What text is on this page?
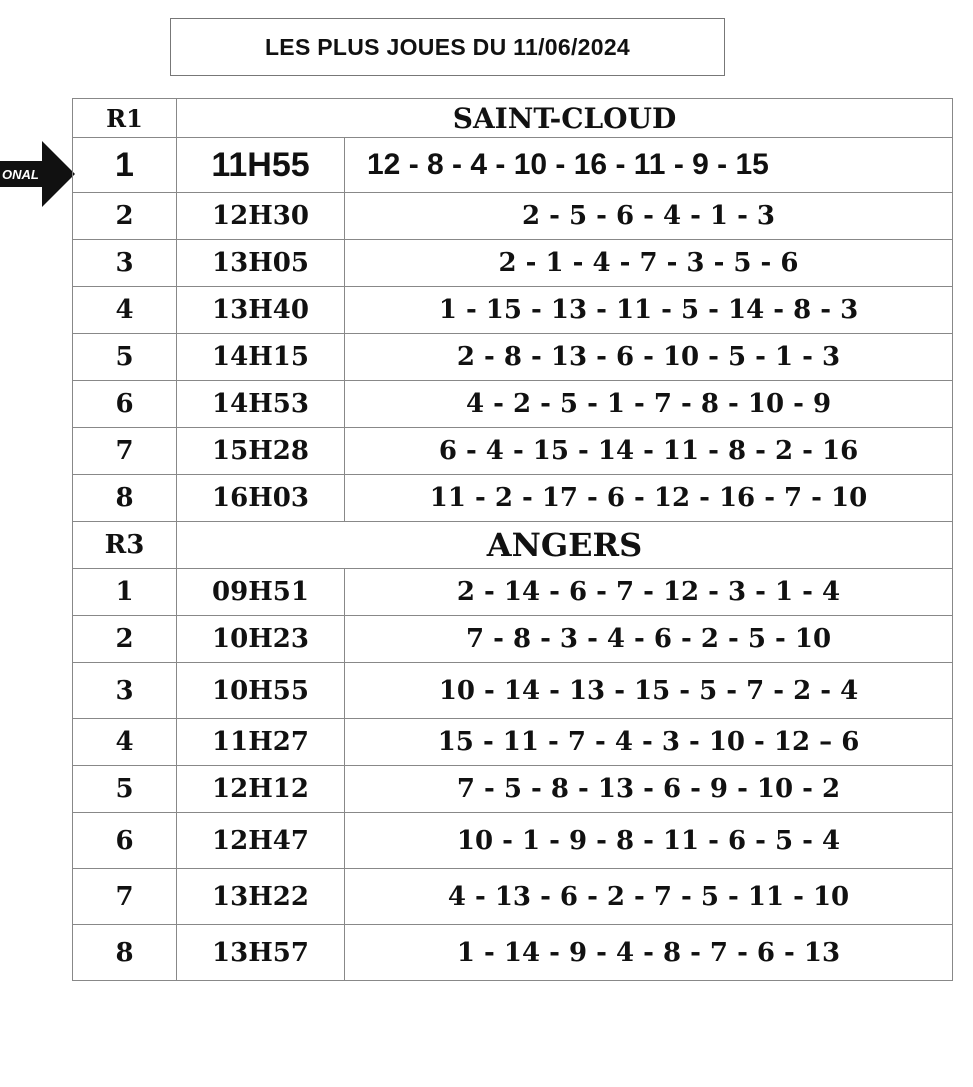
LES PLUS JOUES DU 11/06/2024
ONAL
R1	SAINT-CLOUD	
1	11H55	12 - 8 - 4 - 10 - 16 - 11 - 9 - 15
2	12H30	2 - 5 - 6 - 4 - 1 - 3
3	13H05	2 - 1 - 4 - 7 - 3 - 5 - 6
4	13H40	1 - 15 - 13 - 11 - 5 - 14 - 8 - 3
5	14H15	2 - 8 - 13 - 6 - 10 - 5 - 1 - 3
6	14H53	4 - 2 - 5 - 1 - 7 - 8 - 10 - 9
7	15H28	6 - 4 - 15 - 14 - 11 - 8 - 2 - 16
8	16H03	11 - 2 - 17 - 6 - 12 - 16 - 7 - 10
R3	ANGERS	
1	09H51	2 - 14 - 6 - 7 - 12 - 3 - 1 - 4
2	10H23	7 - 8 - 3 - 4 - 6 - 2 - 5 - 10
3	10H55	10 - 14 - 13 - 15 - 5 - 7 - 2 - 4
4	11H27	15 - 11 - 7 - 4 - 3 - 10 - 12 – 6
5	12H12	7 - 5 - 8 - 13 - 6 - 9 - 10 - 2
6	12H47	10 - 1 - 9 - 8 - 11 - 6 - 5 - 4
7	13H22	4 - 13 - 6 - 2 - 7 - 5 - 11 - 10
8	13H57	1 - 14 - 9 - 4 - 8 - 7 - 6 - 13
